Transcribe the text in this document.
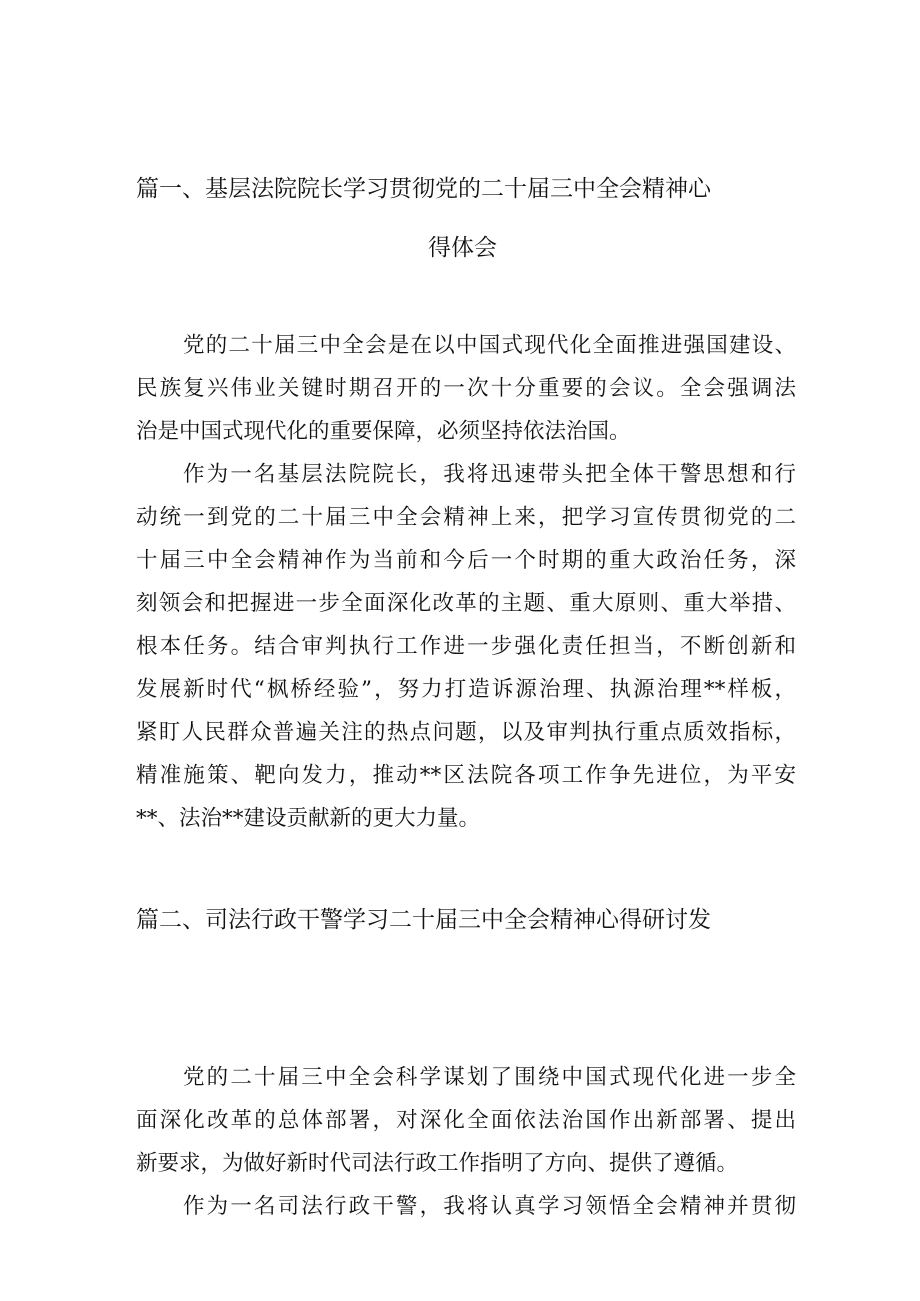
篇一、基层法院院长学习贯彻党的二十届三中全会精神心
得体会
党的二十届三中全会是在以中国式现代化全面推进强国建设、
民族复兴伟业关键时期召开的一次十分重要的会议。全会强调法
治是中国式现代化的重要保障，必须坚持依法治国。
作为一名基层法院院长，我将迅速带头把全体干警思想和行
动统一到党的二十届三中全会精神上来，把学习宣传贯彻党的二
十届三中全会精神作为当前和今后一个时期的重大政治任务，深
刻领会和把握进一步全面深化改革的主题、重大原则、重大举措、
根本任务。结合审判执行工作进一步强化责任担当，不断创新和
发展新时代“枫桥经验”，努力打造诉源治理、执源治理**样板，
紧盯人民群众普遍关注的热点问题，以及审判执行重点质效指标，
精准施策、靶向发力，推动**区法院各项工作争先进位，为平安
**、法治**建设贡献新的更大力量。
篇二、司法行政干警学习二十届三中全会精神心得研讨发
党的二十届三中全会科学谋划了围绕中国式现代化进一步全
面深化改革的总体部署，对深化全面依法治国作出新部署、提出
新要求，为做好新时代司法行政工作指明了方向、提供了遵循。
作为一名司法行政干警，我将认真学习领悟全会精神并贯彻
